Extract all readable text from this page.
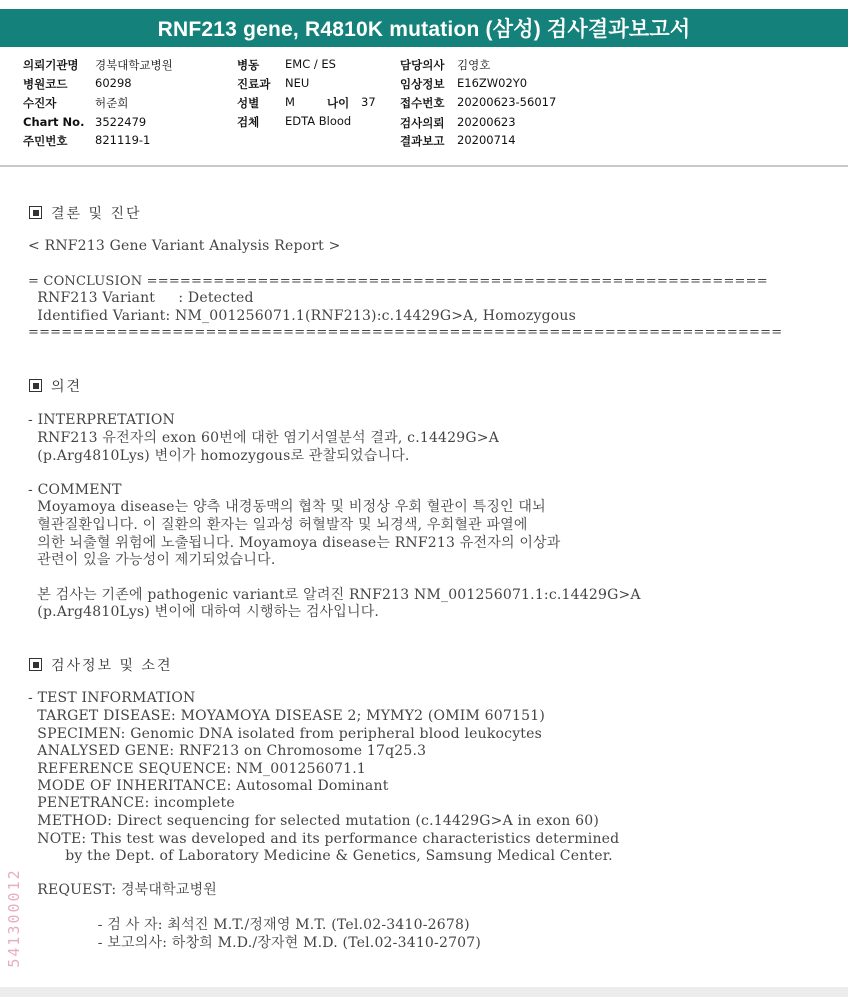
RNF213 gene, R4810K mutation (삼성) 검사결과보고서
의뢰기관명 경북대학교병원
병원코드 60298
수진자	허준희
Chart No. 3522479
주민번호 821119-1
병동 EMC / ES
진료과 NEU
성별 M	나이 37
검체 EDTA Blood
담당의사 김영호
임상정보 E16ZW02Y0
접수번호 20200623-56017
검사의뢰 20200623
결과보고 20200714
결론 및 진단
< RNF213 Gene Variant Analysis Report >
= CONCLUSION ========================================================
RNF213 Variant     : Detected
Identified Variant: NM_001256071.1(RNF213):c.14429G>A, Homozygous
====================================================================
의견
- INTERPRETATION
RNF213 유전자의 exon 60번에 대한 염기서열분석 결과, c.14429G>A
(p.Arg4810Lys) 변이가 homozygous로 관찰되었습니다.
- COMMENT
Moyamoya disease는 양측 내경동맥의 협착 및 비정상 우회 혈관이 특징인 대뇌
혈관질환입니다. 이 질환의 환자는 일과성 허혈발작 및 뇌경색, 우회혈관 파열에
의한 뇌출혈 위험에 노출됩니다. Moyamoya disease는 RNF213 유전자의 이상과
관련이 있을 가능성이 제기되었습니다.
본 검사는 기존에 pathogenic variant로 알려진 RNF213 NM_001256071.1:c.14429G>A
(p.Arg4810Lys) 변이에 대하여 시행하는 검사입니다.
검사정보 및 소견
- TEST INFORMATION
TARGET DISEASE: MOYAMOYA DISEASE 2; MYMY2 (OMIM 607151)
SPECIMEN: Genomic DNA isolated from peripheral blood leukocytes
ANALYSED GENE: RNF213 on Chromosome 17q25.3
REFERENCE SEQUENCE: NM_001256071.1
MODE OF INHERITANCE: Autosomal Dominant
PENETRANCE: incomplete
METHOD: Direct sequencing for selected mutation (c.14429G>A in exon 60)
NOTE: This test was developed and its performance characteristics determined
by the Dept. of Laboratory Medicine & Genetics, Samsung Medical Center.
REQUEST: 경북대학교병원
- 검 사 자: 최석진 M.T./정재영 M.T. (Tel.02-3410-2678)
- 보고의사: 하창희 M.D./장자현 M.D. (Tel.02-3410-2707)
541300012
